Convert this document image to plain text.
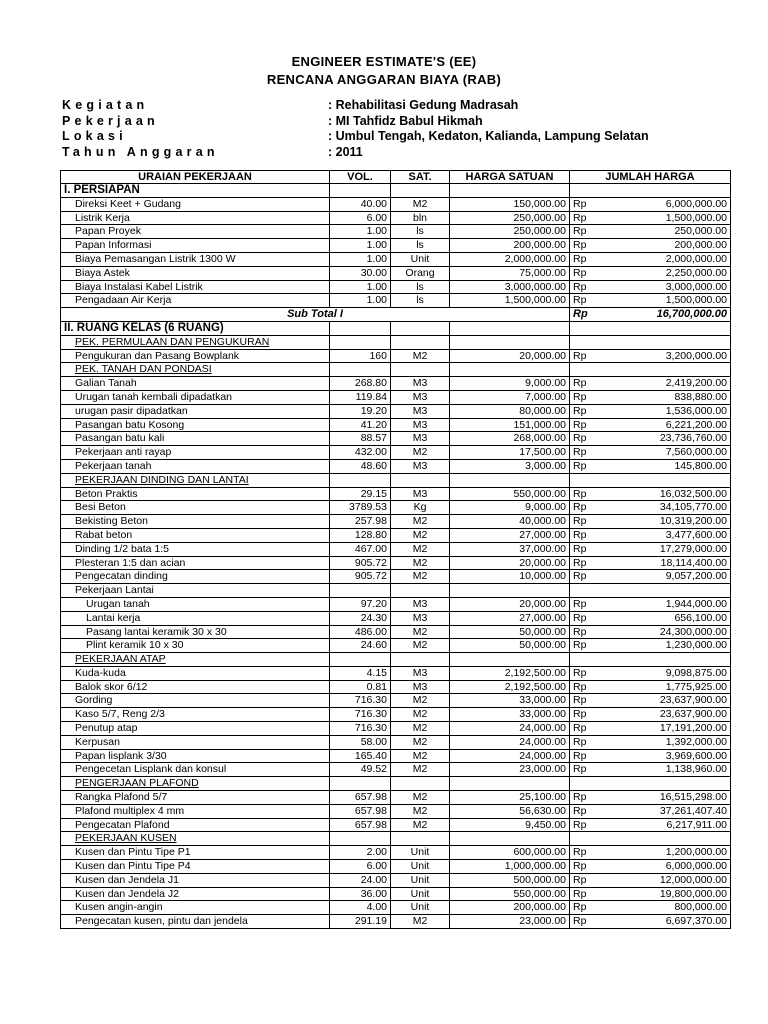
ENGINEER ESTIMATE'S (EE)
RENCANA ANGGARAN BIAYA (RAB)
Kegiatan	: Rehabilitasi Gedung Madrasah
Pekerjaan	: MI Tahfidz Babul Hikmah
Lokasi	: Umbul Tengah, Kedaton, Kalianda, Lampung Selatan
Tahun Anggaran	: 2011
URAIAN PEKERJAAN	VOL.	SAT.	HARGA SATUAN	JUMLAH HARGA	
I. PERSIAPAN					
Direksi Keet + Gudang	40.00	M2	150,000.00	Rp	6,000,000.00
Listrik Kerja	6.00	bln	250,000.00	Rp	1,500,000.00
Papan Proyek	1.00	ls	250,000.00	Rp	250,000.00
Papan Informasi	1.00	ls	200,000.00	Rp	200,000.00
Biaya Pemasangan Listrik 1300 W	1.00	Unit	2,000,000.00	Rp	2,000,000.00
Biaya Astek	30.00	Orang	75,000.00	Rp	2,250,000.00
Biaya Instalasi Kabel Listrik	1.00	ls	3,000,000.00	Rp	3,000,000.00
Pengadaan Air Kerja	1.00	ls	1,500,000.00	Rp	1,500,000.00
Sub Total I				Rp	16,700,000.00
II. RUANG KELAS (6 RUANG)					
PEK. PERMULAAN DAN PENGUKURAN					
Pengukuran dan Pasang Bowplank	160	M2	20,000.00	Rp	3,200,000.00
PEK. TANAH DAN PONDASI					
Galian Tanah	268.80	M3	9,000.00	Rp	2,419,200.00
Urugan tanah kembali dipadatkan	119.84	M3	7,000.00	Rp	838,880.00
urugan pasir dipadatkan	19.20	M3	80,000.00	Rp	1,536,000.00
Pasangan batu Kosong	41.20	M3	151,000.00	Rp	6,221,200.00
Pasangan batu kali	88.57	M3	268,000.00	Rp	23,736,760.00
Pekerjaan anti rayap	432.00	M2	17,500.00	Rp	7,560,000.00
Pekerjaan tanah	48.60	M3	3,000.00	Rp	145,800.00
PEKERJAAN DINDING DAN LANTAI					
Beton Praktis	29.15	M3	550,000.00	Rp	16,032,500.00
Besi Beton	3789.53	Kg	9,000.00	Rp	34,105,770.00
Bekisting Beton	257.98	M2	40,000.00	Rp	10,319,200.00
Rabat beton	128.80	M2	27,000.00	Rp	3,477,600.00
Dinding 1/2 bata 1:5	467.00	M2	37,000.00	Rp	17,279,000.00
Plesteran 1:5 dan acian	905.72	M2	20,000.00	Rp	18,114,400.00
Pengecatan dinding	905.72	M2	10,000.00	Rp	9,057,200.00
Pekerjaan Lantai					
Urugan tanah	97.20	M3	20,000.00	Rp	1,944,000.00
Lantai kerja	24.30	M3	27,000.00	Rp	656,100.00
Pasang lantai keramik 30 x 30	486.00	M2	50,000.00	Rp	24,300,000.00
Plint keramik 10 x 30	24.60	M2	50,000.00	Rp	1,230,000.00
PEKERJAAN ATAP					
Kuda-kuda	4.15	M3	2,192,500.00	Rp	9,098,875.00
Balok skor 6/12	0.81	M3	2,192,500.00	Rp	1,775,925.00
Gording	716.30	M2	33,000.00	Rp	23,637,900.00
Kaso 5/7, Reng 2/3	716.30	M2	33,000.00	Rp	23,637,900.00
Penutup atap	716.30	M2	24,000.00	Rp	17,191,200.00
Kerpusan	58.00	M2	24,000.00	Rp	1,392,000.00
Papan lisplank 3/30	165.40	M2	24,000.00	Rp	3,969,600.00
Pengecetan Lisplank dan konsul	49.52	M2	23,000.00	Rp	1,138,960.00
PENGERJAAN PLAFOND					
Rangka Plafond 5/7	657.98	M2	25,100.00	Rp	16,515,298.00
Plafond multiplex 4 mm	657.98	M2	56,630.00	Rp	37,261,407.40
Pengecatan Plafond	657.98	M2	9,450.00	Rp	6,217,911.00
PEKERJAAN KUSEN					
Kusen dan Pintu Tipe P1	2.00	Unit	600,000.00	Rp	1,200,000.00
Kusen dan Pintu Tipe P4	6.00	Unit	1,000,000.00	Rp	6,000,000.00
Kusen dan Jendela J1	24.00	Unit	500,000.00	Rp	12,000,000.00
Kusen dan Jendela J2	36.00	Unit	550,000.00	Rp	19,800,000.00
Kusen angin-angin	4.00	Unit	200,000.00	Rp	800,000.00
Pengecatan kusen, pintu dan jendela	291.19	M2	23,000.00	Rp	6,697,370.00
